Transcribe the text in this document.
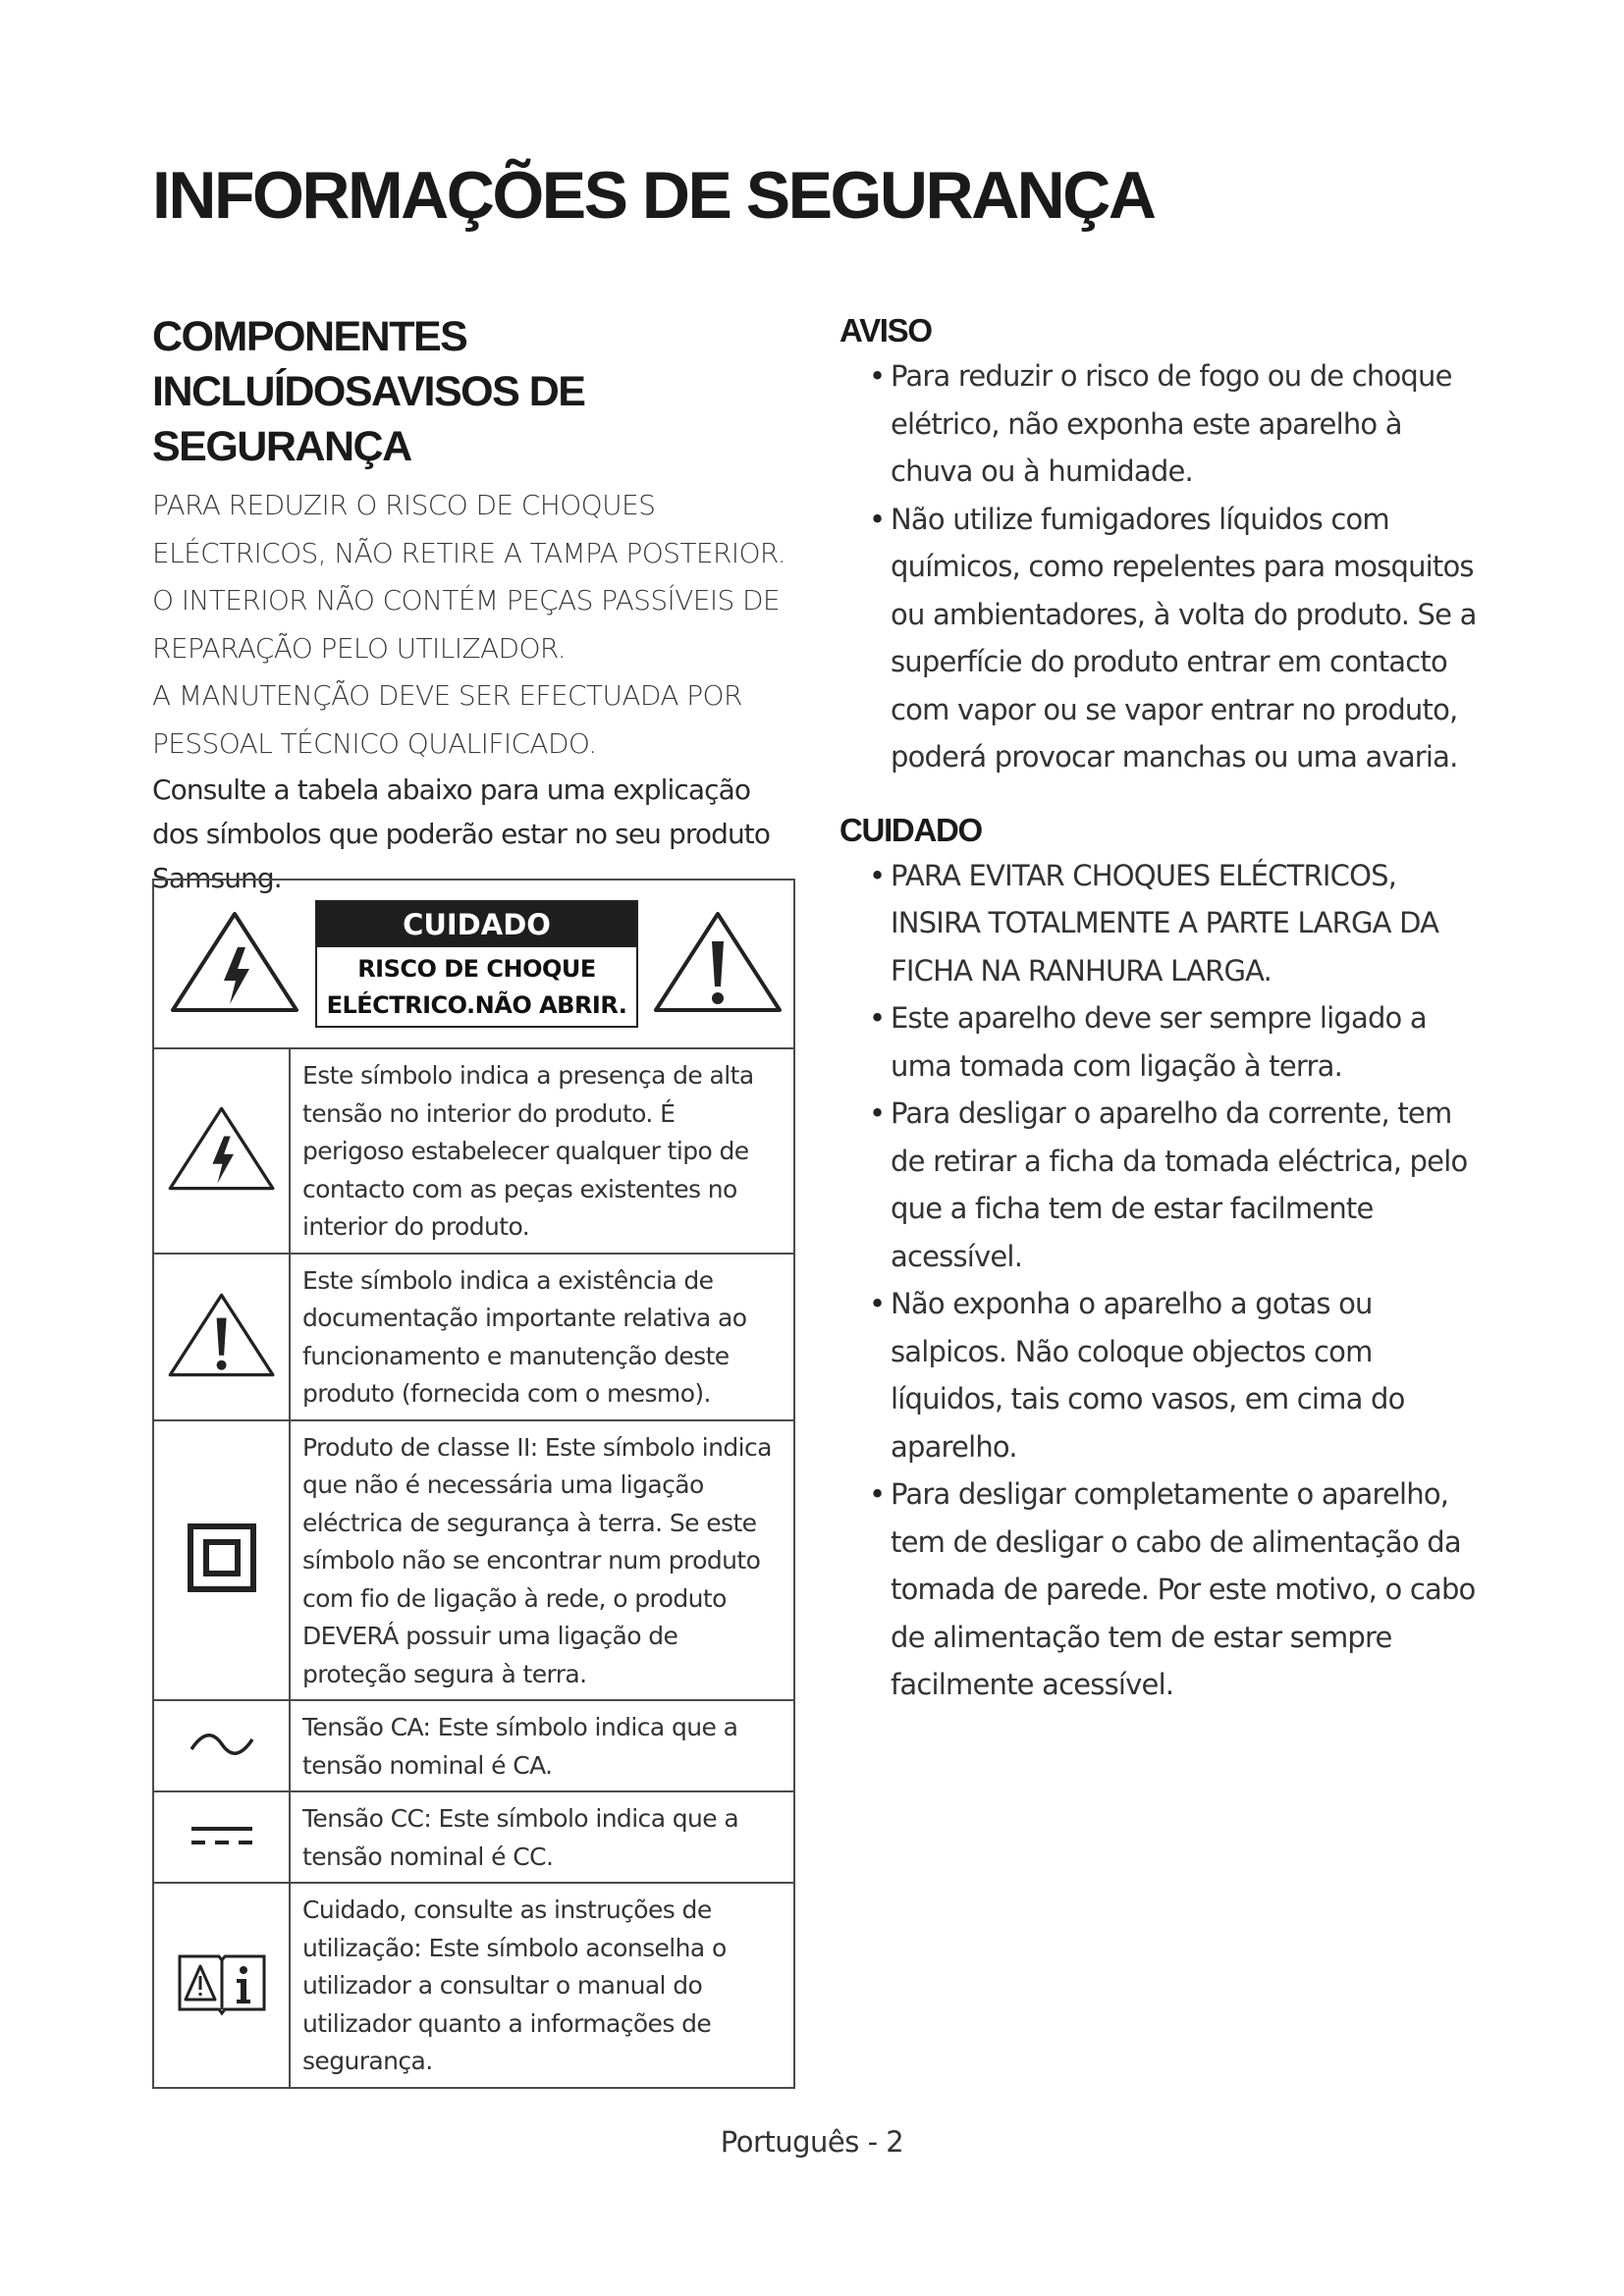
INFORMAÇÕES DE SEGURANÇA
COMPONENTES INCLUÍDOSAVISOS DE SEGURANÇA

PARA REDUZIR O RISCO DE CHOQUES
ELÉCTRICOS, NÃO RETIRE A TAMPA POSTERIOR.
O INTERIOR NÃO CONTÉM PEÇAS PASSÍVEIS DE
REPARAÇÃO PELO UTILIZADOR.
A MANUTENÇÃO DEVE SER EFECTUADA POR
PESSOAL TÉCNICO QUALIFICADO.

Consulte a tabela abaixo para uma explicação dos símbolos que poderão estar no seu produto Samsung.

CUIDADO
RISCO DE CHOQUE
ELÉCTRICO.NÃO ABRIR.	

	Este símbolo indica a presença de alta tensão no interior do produto. É perigoso estabelecer qualquer tipo de contacto com as peças existentes no interior do produto.
	Este símbolo indica a existência de documentação importante relativa ao funcionamento e manutenção deste produto (fornecida com o mesmo).
	Produto de classe II: Este símbolo indica que não é necessária uma ligação eléctrica de segurança à terra. Se este símbolo não se encontrar num produto com fio de ligação à rede, o produto DEVERÁ possuir uma ligação de proteção segura à terra.
	Tensão CA: Este símbolo indica que a tensão nominal é CA.
	Tensão CC: Este símbolo indica que a tensão nominal é CC.
	Cuidado, consulte as instruções de utilização: Este símbolo aconselha o utilizador a consultar o manual do utilizador quanto a informações de segurança.
AVISO
• Para reduzir o risco de fogo ou de choque elétrico, não exponha este aparelho à chuva ou à humidade.
• Não utilize fumigadores líquidos com químicos, como repelentes para mosquitos ou ambientadores, à volta do produto. Se a superfície do produto entrar em contacto com vapor ou se vapor entrar no produto, poderá provocar manchas ou uma avaria.
CUIDADO
• PARA EVITAR CHOQUES ELÉCTRICOS, INSIRA TOTALMENTE A PARTE LARGA DA FICHA NA RANHURA LARGA.
• Este aparelho deve ser sempre ligado a uma tomada com ligação à terra.
• Para desligar o aparelho da corrente, tem de retirar a ficha da tomada eléctrica, pelo que a ficha tem de estar facilmente acessível.
• Não exponha o aparelho a gotas ou salpicos. Não coloque objectos com líquidos, tais como vasos, em cima do aparelho.
• Para desligar completamente o aparelho, tem de desligar o cabo de alimentação da tomada de parede. Por este motivo, o cabo de alimentação tem de estar sempre facilmente acessível.
Português - 2
